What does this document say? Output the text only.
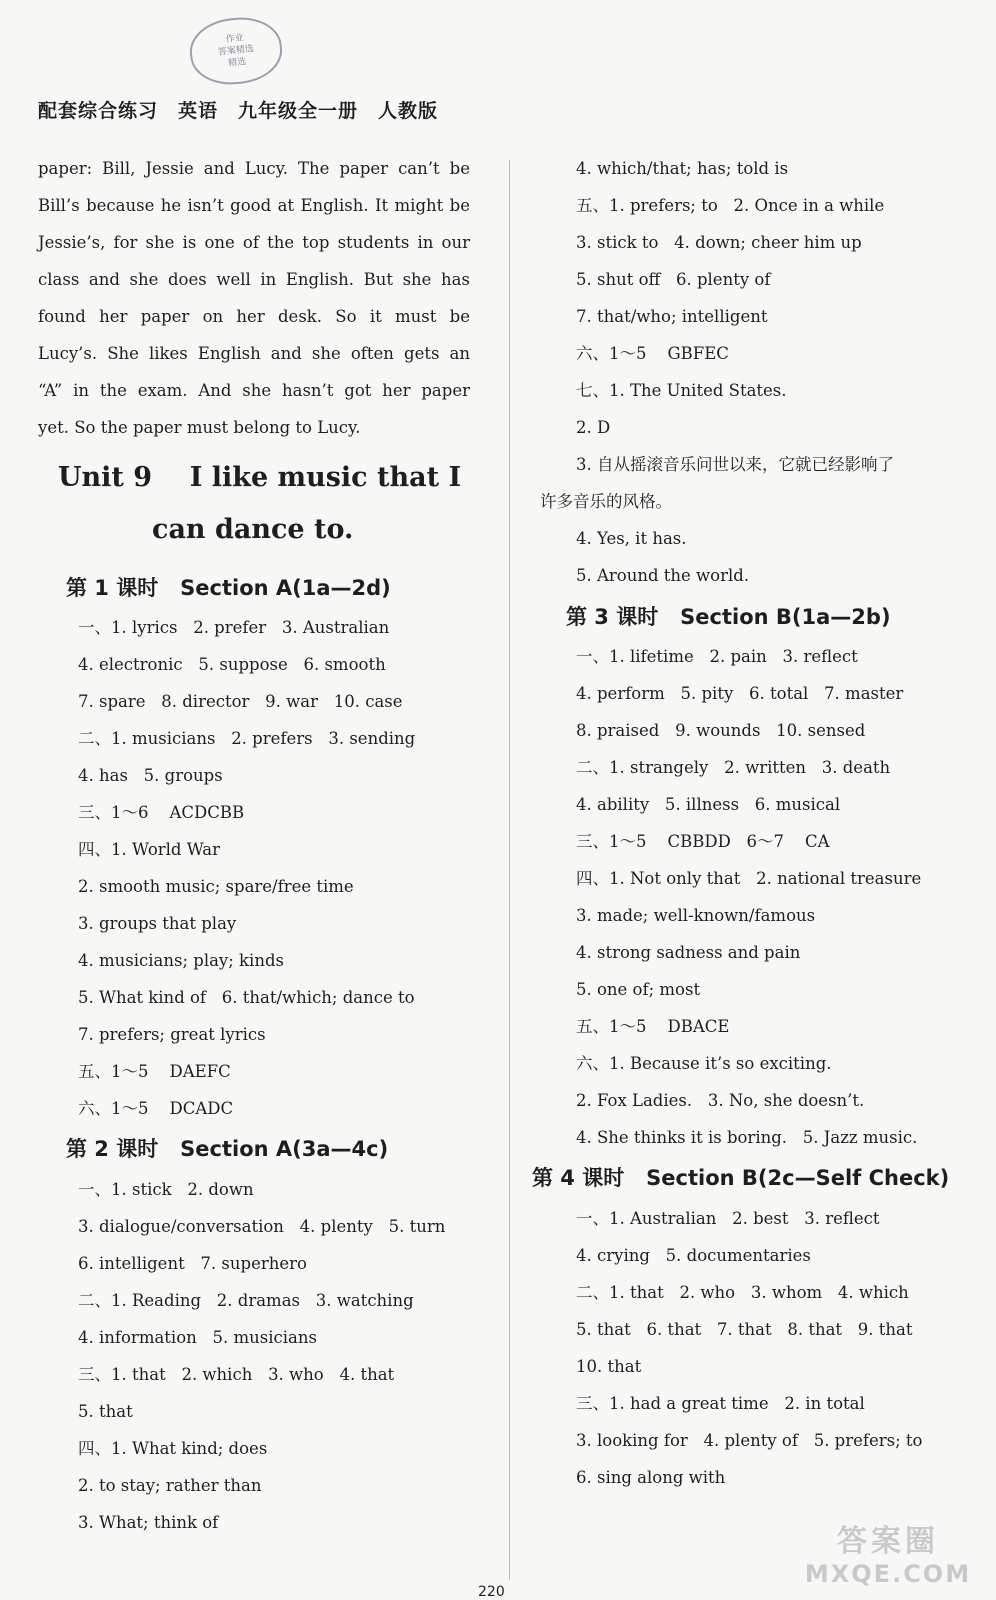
作业
答案精选
精选
配套综合练习　英语　九年级全一册　人教版
paper: Bill, Jessie and Lucy. The paper can’t be
Bill’s because he isn’t good at English. It might be
Jessie’s, for she is one of the top students in our
class and she does well in English. But she has
found her paper on her desk. So it must be
Lucy’s. She likes English and she often gets an
“A” in the exam. And she hasn’t got her paper
yet. So the paper must belong to Lucy.
Unit 9    I like music that I
can dance to.
第 1 课时   Section A(1a—2d)
一、1. lyrics   2. prefer   3. Australian
4. electronic   5. suppose   6. smooth
7. spare   8. director   9. war   10. case
二、1. musicians   2. prefers   3. sending
4. has   5. groups
三、1～6    ACDCBB
四、1. World War
2. smooth music; spare/free time
3. groups that play
4. musicians; play; kinds
5. What kind of   6. that/which; dance to
7. prefers; great lyrics
五、1～5    DAEFC
六、1～5    DCADC
第 2 课时   Section A(3a—4c)
一、1. stick   2. down
3. dialogue/conversation   4. plenty   5. turn
6. intelligent   7. superhero
二、1. Reading   2. dramas   3. watching
4. information   5. musicians
三、1. that   2. which   3. who   4. that
5. that
四、1. What kind; does
2. to stay; rather than
3. What; think of
4. which/that; has; told is
五、1. prefers; to   2. Once in a while
3. stick to   4. down; cheer him up
5. shut off   6. plenty of
7. that/who; intelligent
六、1～5    GBFEC
七、1. The United States.
2. D
3. 自从摇滚音乐问世以来，它就已经影响了
许多音乐的风格。
4. Yes, it has.
5. Around the world.
第 3 课时   Section B(1a—2b)
一、1. lifetime   2. pain   3. reflect
4. perform   5. pity   6. total   7. master
8. praised   9. wounds   10. sensed
二、1. strangely   2. written   3. death
4. ability   5. illness   6. musical
三、1～5    CBBDD   6～7    CA
四、1. Not only that   2. national treasure
3. made; well-known/famous
4. strong sadness and pain
5. one of; most
五、1～5    DBACE
六、1. Because it’s so exciting.
2. Fox Ladies.   3. No, she doesn’t.
4. She thinks it is boring.   5. Jazz music.
第 4 课时   Section B(2c—Self Check)
一、1. Australian   2. best   3. reflect
4. crying   5. documentaries
二、1. that   2. who   3. whom   4. which
5. that   6. that   7. that   8. that   9. that
10. that
三、1. had a great time   2. in total
3. looking for   4. plenty of   5. prefers; to
6. sing along with
220
答案圈
MXQE.COM
